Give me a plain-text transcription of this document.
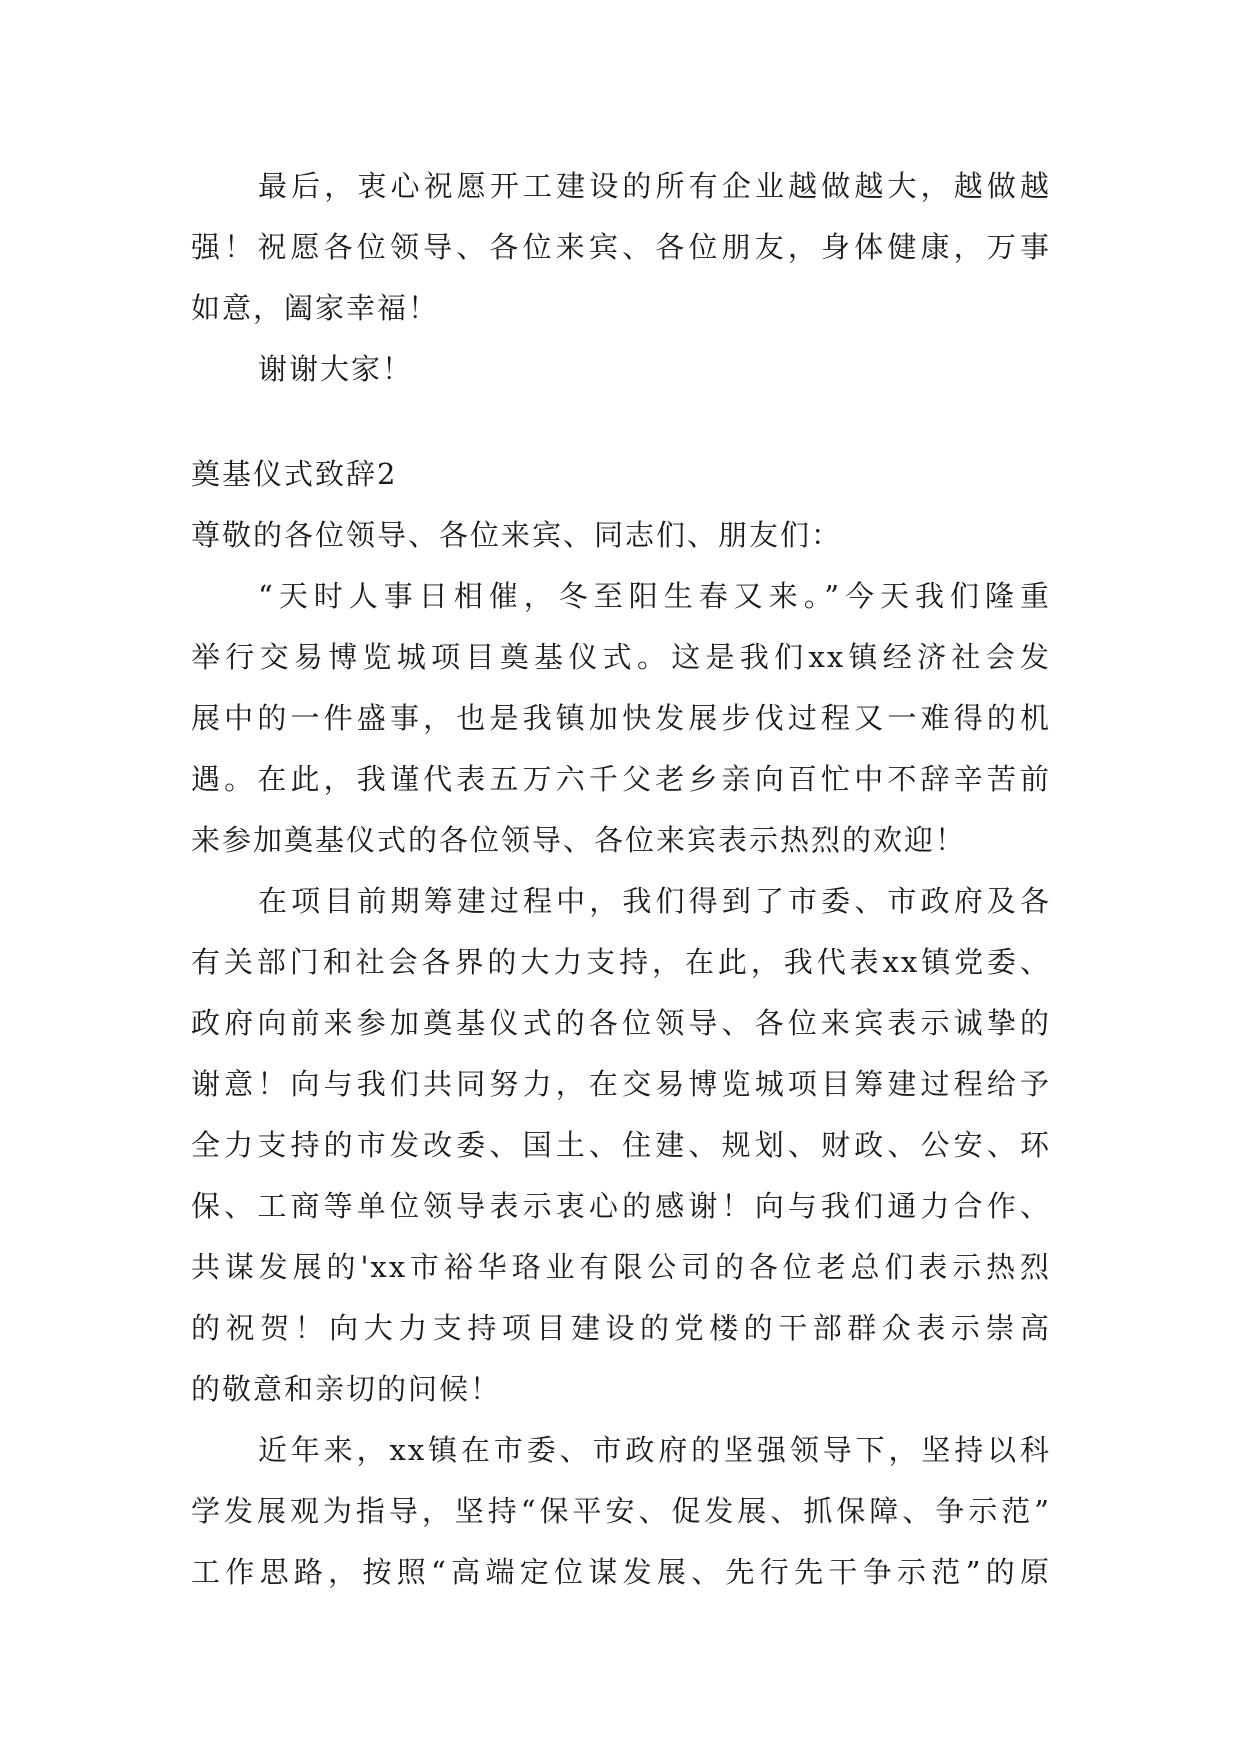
最后，衷心祝愿开工建设的所有企业越做越大，越做越
强！祝愿各位领导、各位来宾、各位朋友，身体健康，万事
如意，阖家幸福！
谢谢大家！
奠基仪式致辞2
尊敬的各位领导、各位来宾、同志们、朋友们：
“天时人事日相催，冬至阳生春又来。”今天我们隆重
举行交易博览城项目奠基仪式。这是我们xx镇经济社会发
展中的一件盛事，也是我镇加快发展步伐过程又一难得的机
遇。在此，我谨代表五万六千父老乡亲向百忙中不辞辛苦前
来参加奠基仪式的各位领导、各位来宾表示热烈的欢迎！
在项目前期筹建过程中，我们得到了市委、市政府及各
有关部门和社会各界的大力支持，在此，我代表xx镇党委、
政府向前来参加奠基仪式的各位领导、各位来宾表示诚挚的
谢意！向与我们共同努力，在交易博览城项目筹建过程给予
全力支持的市发改委、国土、住建、规划、财政、公安、环
保、工商等单位领导表示衷心的感谢！向与我们通力合作、
共谋发展的'xx市裕华珞业有限公司的各位老总们表示热烈
的祝贺！向大力支持项目建设的党楼的干部群众表示崇高
的敬意和亲切的问候！
近年来，xx镇在市委、市政府的坚强领导下，坚持以科
学发展观为指导，坚持“保平安、促发展、抓保障、争示范”
工作思路，按照“高端定位谋发展、先行先干争示范”的原
